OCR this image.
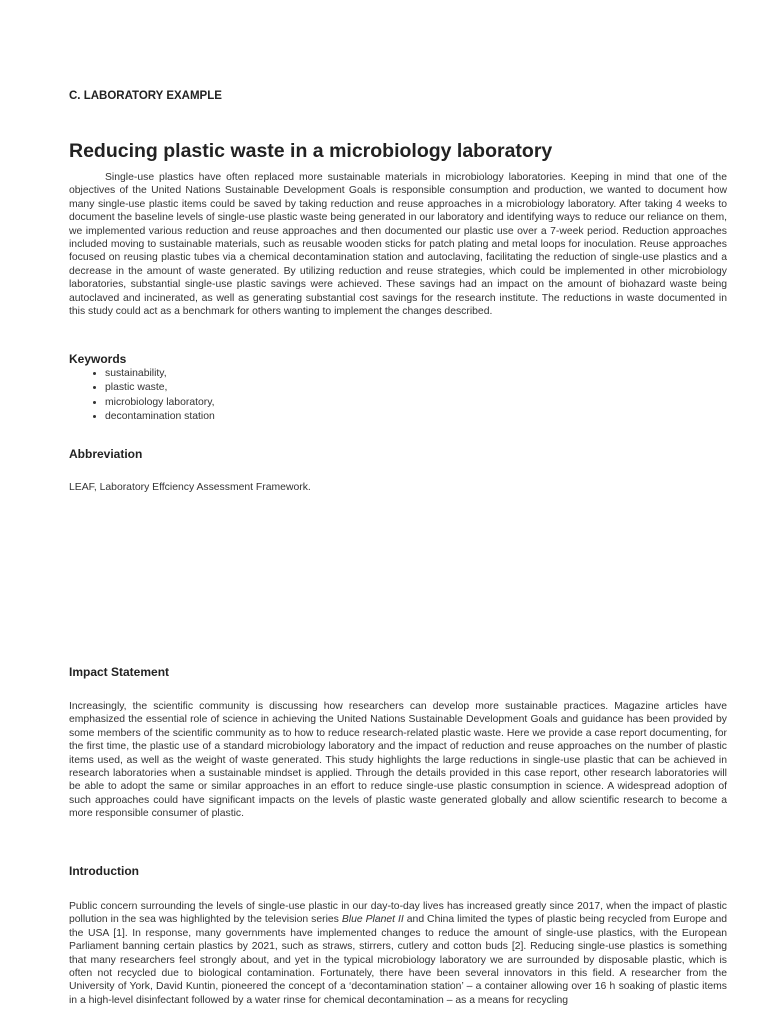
C. LABORATORY EXAMPLE
Reducing plastic waste in a microbiology laboratory

Single-use plastics have often replaced more sustainable materials in microbiology laboratories. Keeping in mind that one of the objectives of the United Nations Sustainable Development Goals is responsible consumption and production, we wanted to document how many single-use plastic items could be saved by taking reduction and reuse approaches in a microbiology laboratory. After taking 4 weeks to document the baseline levels of single-use plastic waste being generated in our laboratory and identifying ways to reduce our reliance on them, we implemented various reduction and reuse approaches and then documented our plastic use over a 7-week period. Reduction approaches included moving to sustainable materials, such as reusable wooden sticks for patch plating and metal loops for inoculation. Reuse approaches focused on reusing plastic tubes via a chemical decontamination station and autoclaving, facilitating the reduction of single-use plastics and a decrease in the amount of waste generated. By utilizing reduction and reuse strategies, which could be implemented in other microbiology laboratories, substantial single-use plastic savings were achieved. These savings had an impact on the amount of biohazard waste being autoclaved and incinerated, as well as generating substantial cost savings for the research institute. The reductions in waste documented in this study could act as a benchmark for others wanting to implement the changes described.

Keywords
• sustainability,
• plastic waste,
• microbiology laboratory,
• decontamination station
Abbreviation

LEAF, Laboratory Effciency Assessment Framework.

Impact Statement

Increasingly, the scientific community is discussing how researchers can develop more sustainable practices. Magazine articles have emphasized the essential role of science in achieving the United Nations Sustainable Development Goals and guidance has been provided by some members of the scientific community as to how to reduce research-related plastic waste. Here we provide a case report documenting, for the first time, the plastic use of a standard microbiology laboratory and the impact of reduction and reuse approaches on the number of plastic items used, as well as the weight of waste generated. This study highlights the large reductions in single-use plastic that can be achieved in research laboratories when a sustainable mindset is applied. Through the details provided in this case report, other research laboratories will be able to adopt the same or similar approaches in an effort to reduce single-use plastic consumption in science. A widespread adoption of such approaches could have significant impacts on the levels of plastic waste generated globally and allow scientific research to become a more responsible consumer of plastic.

Introduction

Public concern surrounding the levels of single-use plastic in our day-to-day lives has increased greatly since 2017, when the impact of plastic pollution in the sea was highlighted by the television series Blue Planet II and China limited the types of plastic being recycled from Europe and the USA [1]. In response, many governments have implemented changes to reduce the amount of single-use plastics, with the European Parliament banning certain plastics by 2021, such as straws, stirrers, cutlery and cotton buds [2]. Reducing single-use plastics is something that many researchers feel strongly about, and yet in the typical microbiology laboratory we are surrounded by disposable plastic, which is often not recycled due to biological contamination. Fortunately, there have been several innovators in this field. A researcher from the University of York, David Kuntin, pioneered the concept of a ‘decontamination station’ – a container allowing over 16 h soaking of plastic items in a high-level disinfectant followed by a water rinse for chemical decontamination – as a means for recycling
